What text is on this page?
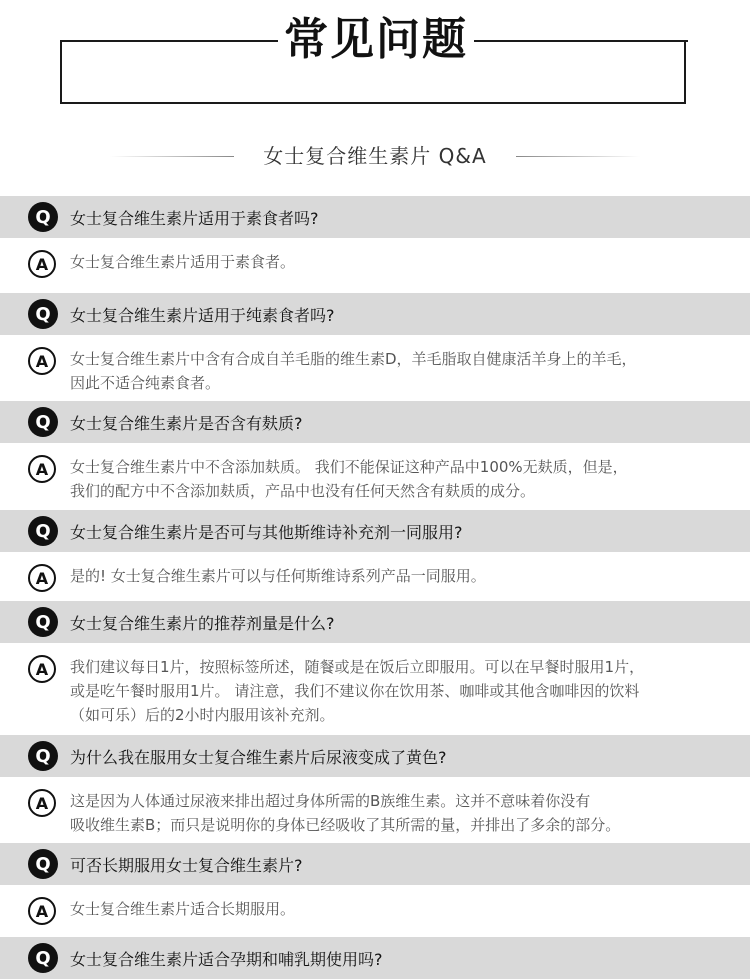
常见问题
女士复合维生素片 Q&A
Q	女士复合维生素片适用于素食者吗?
A	女士复合维生素片适用于素食者。
Q	女士复合维生素片适用于纯素食者吗?
A	女士复合维生素片中含有合成自羊毛脂的维生素D，羊毛脂取自健康活羊身上的羊毛，
因此不适合纯素食者。
Q	女士复合维生素片是否含有麸质?
A	女士复合维生素片中不含添加麸质。 我们不能保证这种产品中100%无麸质，但是，
我们的配方中不含添加麸质，产品中也没有任何天然含有麸质的成分。
Q	女士复合维生素片是否可与其他斯维诗补充剂一同服用?
A	是的! 女士复合维生素片可以与任何斯维诗系列产品一同服用。
Q	女士复合维生素片的推荐剂量是什么?
A	我们建议每日1片，按照标签所述，随餐或是在饭后立即服用。可以在早餐时服用1片，
或是吃午餐时服用1片。 请注意，我们不建议你在饮用茶、咖啡或其他含咖啡因的饮料
（如可乐）后的2小时内服用该补充剂。
Q	为什么我在服用女士复合维生素片后尿液变成了黄色?
A	这是因为人体通过尿液来排出超过身体所需的B族维生素。这并不意味着你没有
吸收维生素B；而只是说明你的身体已经吸收了其所需的量，并排出了多余的部分。
Q	可否长期服用女士复合维生素片?
A	女士复合维生素片适合长期服用。
Q	女士复合维生素片适合孕期和哺乳期使用吗?
